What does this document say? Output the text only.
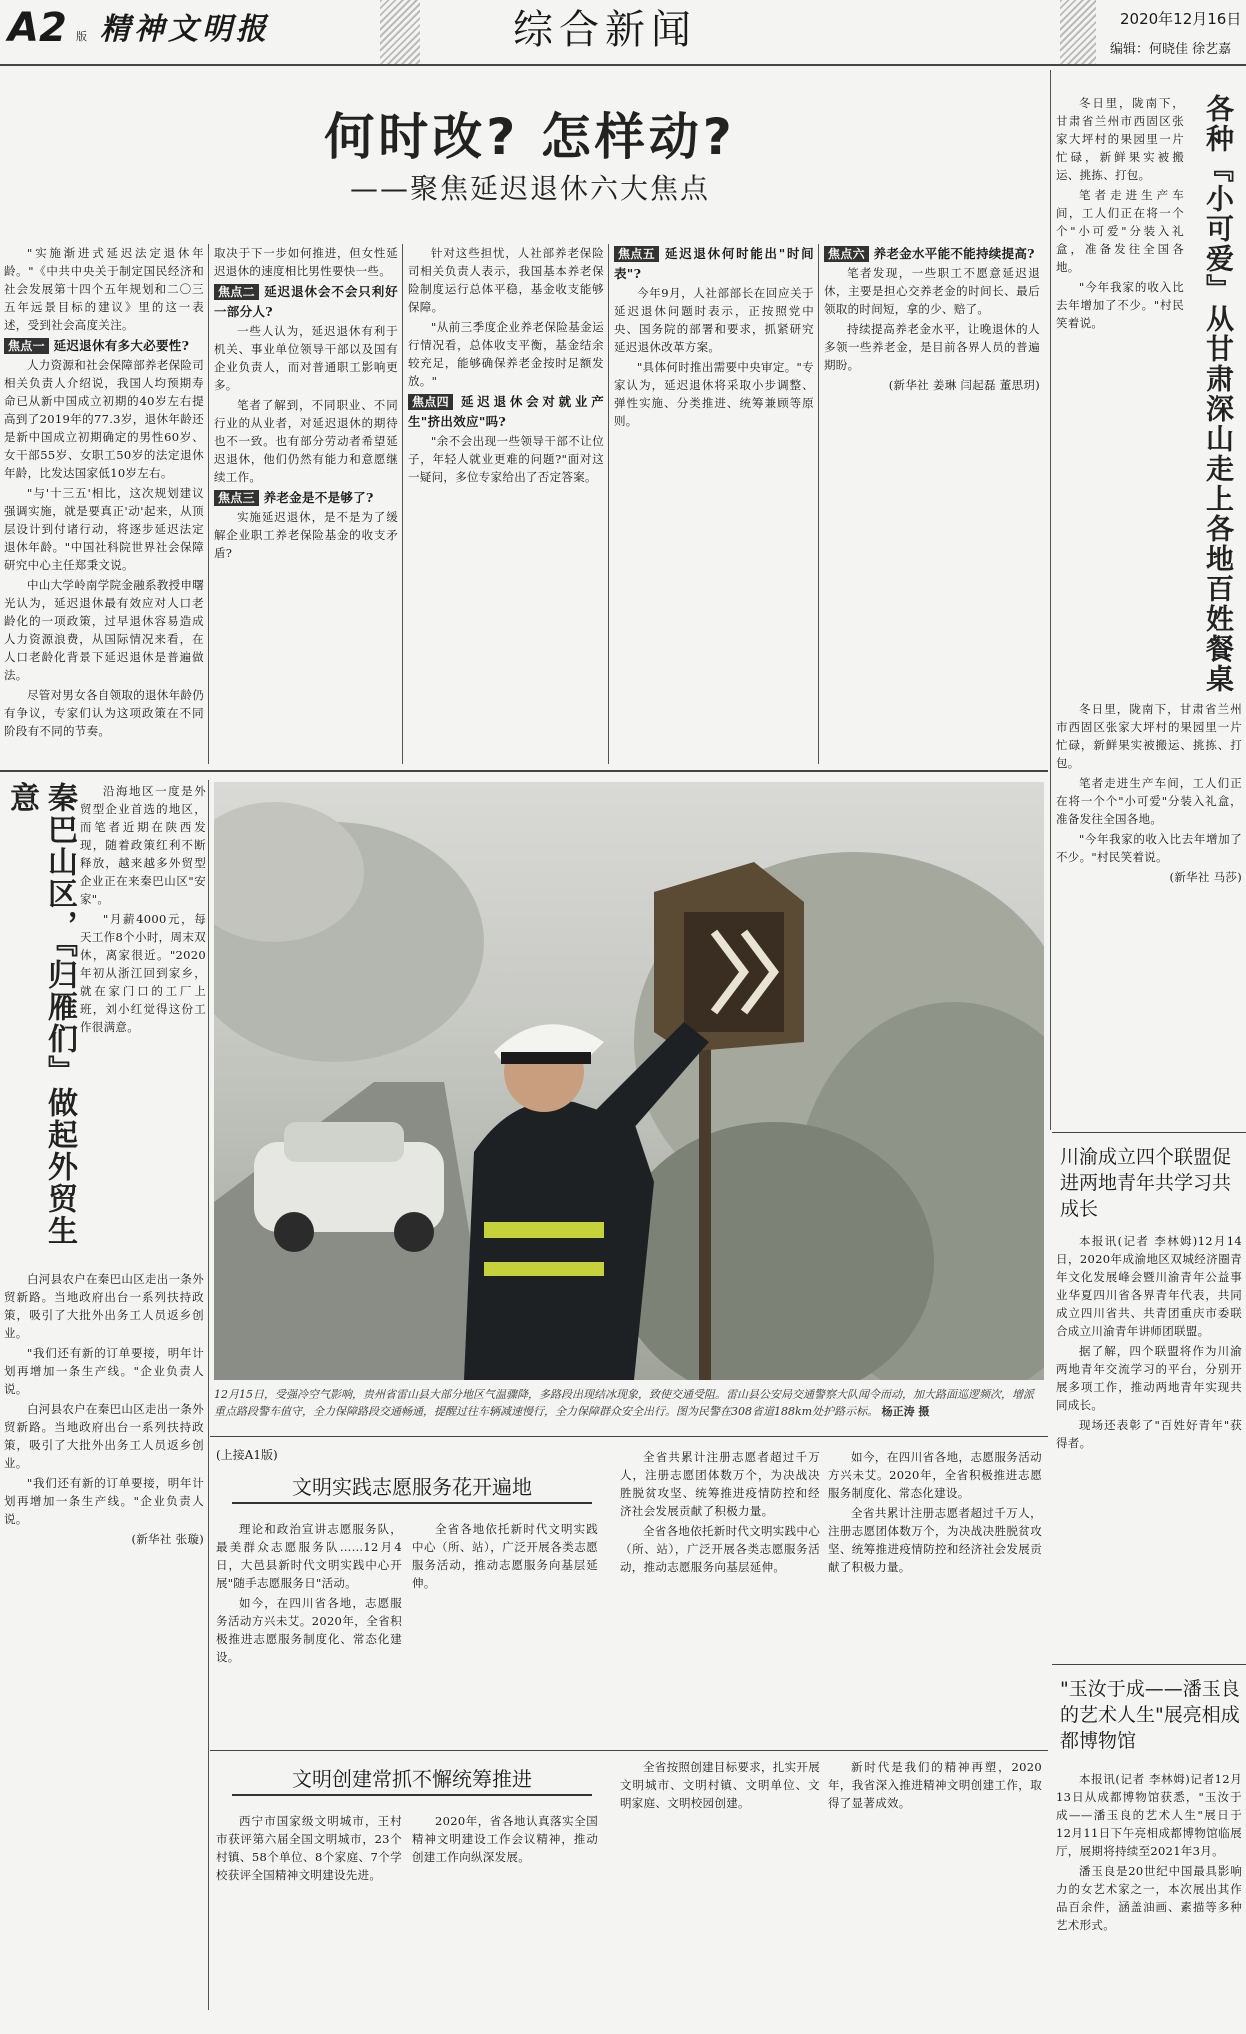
A2 版 精神文明报	综合新闻	2020年12月16日
编辑：何晓佳 徐艺嘉
何时改? 怎样动?
——聚焦延迟退休六大焦点

"实施渐进式延迟法定退休年龄。"《中共中央关于制定国民经济和社会发展第十四个五年规划和二〇三五年远景目标的建议》里的这一表述，受到社会高度关注。

焦点一 延迟退休有多大必要性?

人力资源和社会保障部养老保险司相关负责人介绍说，我国人均预期寿命已从新中国成立初期的40岁左右提高到了2019年的77.3岁，退休年龄还是新中国成立初期确定的男性60岁、女干部55岁、女职工50岁的法定退休年龄，比发达国家低10岁左右。

"与'十三五'相比，这次规划建议强调实施，就是要真正'动'起来，从顶层设计到付诸行动，将逐步延迟法定退休年龄。"中国社科院世界社会保障研究中心主任郑秉文说。

中山大学岭南学院金融系教授申曙光认为，延迟退休最有效应对人口老龄化的一项政策，过早退休容易造成人力资源浪费，从国际情况来看，在人口老龄化背景下延迟退休是普遍做法。

尽管对男女各自领取的退休年龄仍有争议，专家们认为这项政策在不同阶段有不同的节奏。

取决于下一步如何推进，但女性延迟退休的速度相比男性要快一些。

焦点二 延迟退休会不会只利好一部分人?

一些人认为，延迟退休有利于机关、事业单位领导干部以及国有企业负责人，而对普通职工影响更多。

笔者了解到，不同职业、不同行业的从业者，对延迟退休的期待也不一致。也有部分劳动者希望延迟退休，他们仍然有能力和意愿继续工作。

焦点三 养老金是不是够了?

实施延迟退休，是不是为了缓解企业职工养老保险基金的收支矛盾?

针对这些担忧，人社部养老保险司相关负责人表示，我国基本养老保险制度运行总体平稳，基金收支能够保障。

"从前三季度企业养老保险基金运行情况看，总体收支平衡，基金结余较充足，能够确保养老金按时足额发放。"

焦点四 延迟退休会对就业产生"挤出效应"吗?

"余不会出现一些领导干部不让位子，年轻人就业更难的问题?"面对这一疑问，多位专家给出了否定答案。

焦点五 延迟退休何时能出"时间表"?

今年9月，人社部部长在回应关于延迟退休问题时表示，正按照党中央、国务院的部署和要求，抓紧研究延迟退休改革方案。

"具体何时推出需要中央审定。"专家认为，延迟退休将采取小步调整、弹性实施、分类推进、统筹兼顾等原则。

焦点六 养老金水平能不能持续提高?

笔者发现，一些职工不愿意延迟退休，主要是担心交养老金的时间长、最后领取的时间短，拿的少、赔了。

持续提高养老金水平，让晚退休的人多领一些养老金，是目前各界人员的普遍期盼。

(新华社 姜琳 闫起磊 董思玥)

冬日里，陇南下，甘肃省兰州市西固区张家大坪村的果园里一片忙碌，新鲜果实被搬运、挑拣、打包。

笔者走进生产车间，工人们正在将一个个"小可爱"分装入礼盒，准备发往全国各地。

"今年我家的收入比去年增加了不少。"村民笑着说。	各种『小可爱』从甘肃深山走上各地百姓餐桌

冬日里，陇南下，甘肃省兰州市西固区张家大坪村的果园里一片忙碌，新鲜果实被搬运、挑拣、打包。

笔者走进生产车间，工人们正在将一个个"小可爱"分装入礼盒，准备发往全国各地。

"今年我家的收入比去年增加了不少。"村民笑着说。

(新华社 马莎)

秦巴山区，『归雁们』做起外贸生意	沿海地区一度是外贸型企业首选的地区，而笔者近期在陕西发现，随着政策红利不断释放，越来越多外贸型企业正在来秦巴山区"安家"。

"月薪4000元，每天工作8个小时，周末双休，离家很近。"2020年初从浙江回到家乡，就在家门口的工厂上班，刘小红觉得这份工作很满意。

白河县农户在秦巴山区走出一条外贸新路。当地政府出台一系列扶持政策，吸引了大批外出务工人员返乡创业。

"我们还有新的订单要接，明年计划再增加一条生产线。"企业负责人说。

白河县农户在秦巴山区走出一条外贸新路。当地政府出台一系列扶持政策，吸引了大批外出务工人员返乡创业。

"我们还有新的订单要接，明年计划再增加一条生产线。"企业负责人说。

(新华社 张璇)

12月15日，受强冷空气影响，贵州省雷山县大部分地区气温骤降，多路段出现结冰现象，致使交通受阻。雷山县公安局交通警察大队闻令而动，加大路面巡逻频次，增派重点路段警车值守，全力保障路段交通畅通，提醒过往车辆减速慢行，全力保障群众安全出行。图为民警在308省道188km处护路示标。 杨正涛 摄
川渝成立四个联盟促进两地青年共学习共成长

本报讯(记者 李林姆)12月14日，2020年成渝地区双城经济圈青年文化发展峰会暨川渝青年公益事业华夏四川省各界青年代表，共同成立四川省共、共青团重庆市委联合成立川渝青年讲师团联盟。

据了解，四个联盟将作为川渝两地青年交流学习的平台，分别开展多项工作，推动两地青年实现共同成长。

现场还表彰了"百姓好青年"获得者。

"玉汝于成——潘玉良的艺术人生"展亮相成都博物馆

本报讯(记者 李林姆)记者12月13日从成都博物馆获悉，"玉汝于成——潘玉良的艺术人生"展日于12月11日下午亮相成都博物馆临展厅，展期将持续至2021年3月。

潘玉良是20世纪中国最具影响力的女艺术家之一，本次展出其作品百余件，涵盖油画、素描等多种艺术形式。

(上接A1版)
文明实践志愿服务花开遍地

理论和政治宣讲志愿服务队，最美群众志愿服务队……12月4日，大邑县新时代文明实践中心开展"随手志愿服务日"活动。

如今，在四川省各地，志愿服务活动方兴未艾。2020年，全省积极推进志愿服务制度化、常态化建设。

全省各地依托新时代文明实践中心（所、站），广泛开展各类志愿服务活动，推动志愿服务向基层延伸。

全省共累计注册志愿者超过千万人，注册志愿团体数万个，为决战决胜脱贫攻坚、统筹推进疫情防控和经济社会发展贡献了积极力量。

全省各地依托新时代文明实践中心（所、站），广泛开展各类志愿服务活动，推动志愿服务向基层延伸。

如今，在四川省各地，志愿服务活动方兴未艾。2020年，全省积极推进志愿服务制度化、常态化建设。

全省共累计注册志愿者超过千万人，注册志愿团体数万个，为决战决胜脱贫攻坚、统筹推进疫情防控和经济社会发展贡献了积极力量。

文明创建常抓不懈统筹推进

西宁市国家级文明城市，王村市获评第六届全国文明城市，23个村镇、58个单位、8个家庭、7个学校获评全国精神文明建设先进。

2020年，省各地认真落实全国精神文明建设工作会议精神，推动创建工作向纵深发展。

全省按照创建目标要求，扎实开展文明城市、文明村镇、文明单位、文明家庭、文明校园创建。

新时代是我们的精神再塑，2020年，我省深入推进精神文明创建工作，取得了显著成效。
